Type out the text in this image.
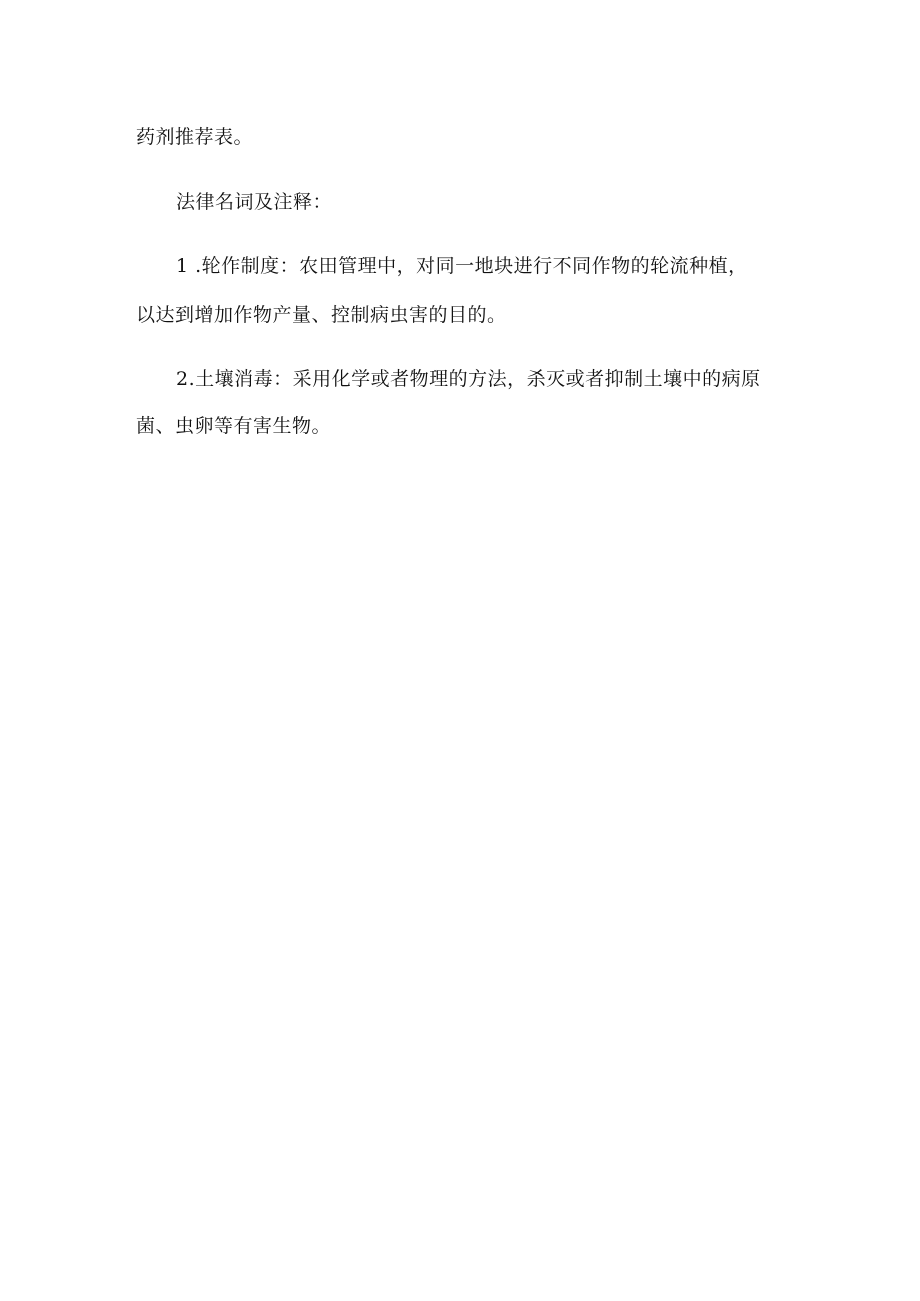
药剂推荐表。
法律名词及注释：
1 .轮作制度：农田管理中，对同一地块进行不同作物的轮流种植，
以达到增加作物产量、控制病虫害的目的。
2.土壤消毒：采用化学或者物理的方法，杀灭或者抑制土壤中的病原
菌、虫卵等有害生物。
